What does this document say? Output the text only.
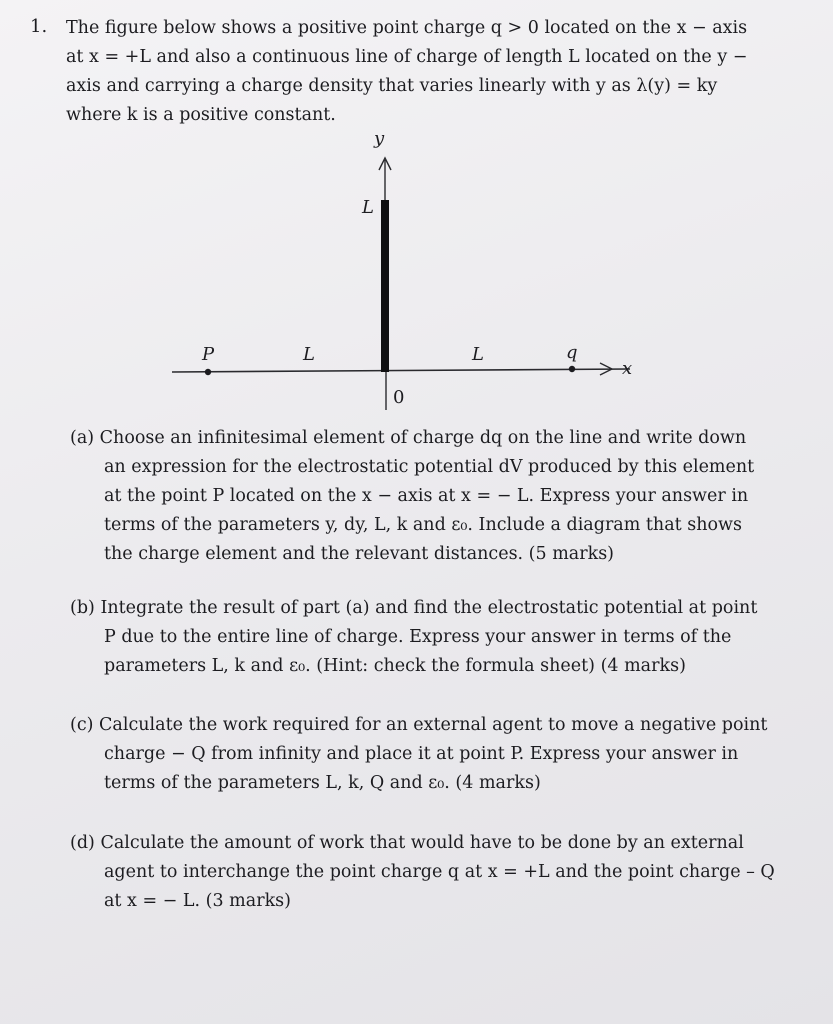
1. The figure below shows a positive point charge q > 0 located on the x − axis
at x = +L and also a continuous line of charge of length L located on the y −
axis and carrying a charge density that varies linearly with y as λ(y) = ky
where k is a positive constant.
y
L
P	L	L	q
x
0
(a) Choose an infinitesimal element of charge dq on the line and write down
an expression for the electrostatic potential dV produced by this element
at the point P located on the x − axis at x = − L. Express your answer in
terms of the parameters y, dy, L, k and ε₀. Include a diagram that shows
the charge element and the relevant distances. (5 marks)
(b) Integrate the result of part (a) and find the electrostatic potential at point
P due to the entire line of charge. Express your answer in terms of the
parameters L, k and ε₀. (Hint: check the formula sheet) (4 marks)
(c) Calculate the work required for an external agent to move a negative point
charge − Q from infinity and place it at point P. Express your answer in
terms of the parameters L, k, Q and ε₀. (4 marks)
(d) Calculate the amount of work that would have to be done by an external
agent to interchange the point charge q at x = +L and the point charge – Q
at x = − L. (3 marks)
